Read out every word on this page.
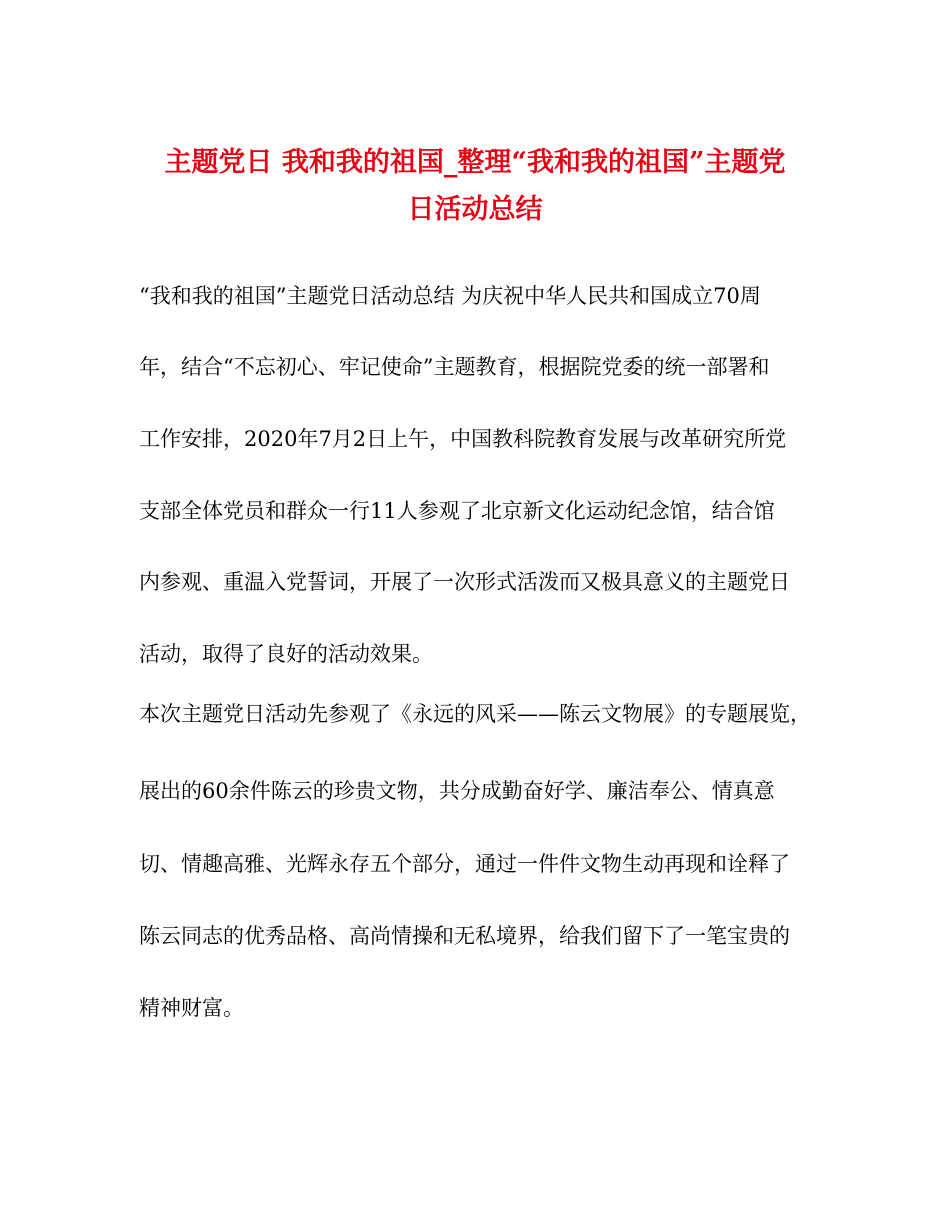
主题党日 我和我的祖国_整理“我和我的祖国”主题党
日活动总结

“我和我的祖国”主题党日活动总结 为庆祝中华人民共和国成立70周

年，结合“不忘初心、牢记使命”主题教育，根据院党委的统一部署和

工作安排，2020年7月2日上午，中国教科院教育发展与改革研究所党

支部全体党员和群众一行11人参观了北京新文化运动纪念馆，结合馆

内参观、重温入党誓词，开展了一次形式活泼而又极具意义的主题党日

活动，取得了良好的活动效果。

本次主题党日活动先参观了《永远的风采——陈云文物展》的专题展览，

展出的60余件陈云的珍贵文物，共分成勤奋好学、廉洁奉公、情真意

切、情趣高雅、光辉永存五个部分，通过一件件文物生动再现和诠释了

陈云同志的优秀品格、高尚情操和无私境界，给我们留下了一笔宝贵的

精神财富。
